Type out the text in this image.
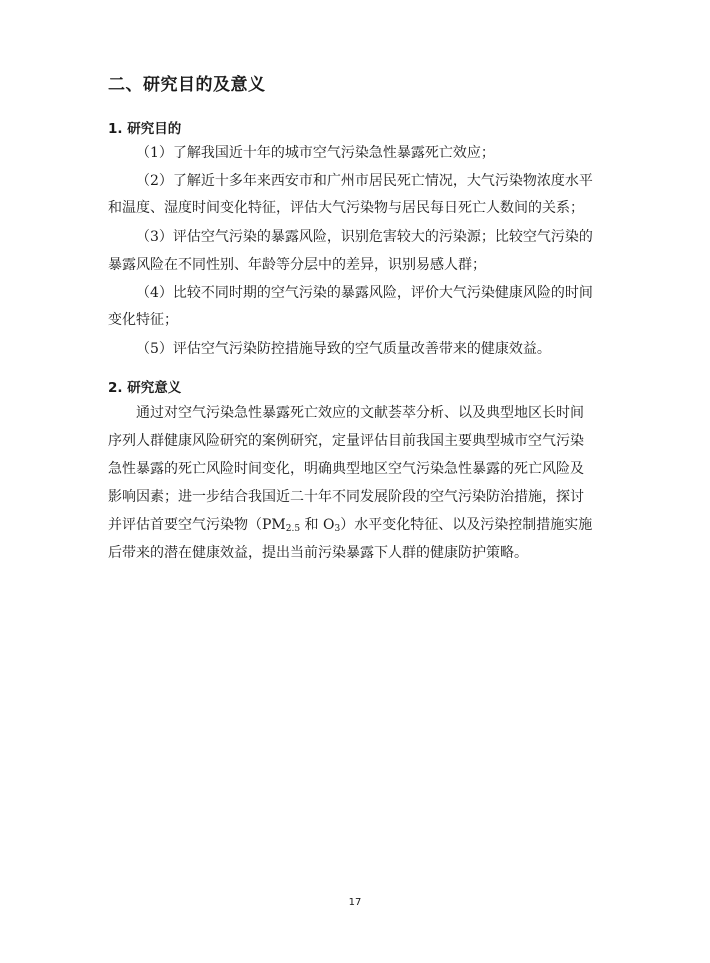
二、研究目的及意义
1. 研究目的
（1）了解我国近十年的城市空气污染急性暴露死亡效应；
（2）了解近十多年来西安市和广州市居民死亡情况，大气污染物浓度水平
和温度、湿度时间变化特征，评估大气污染物与居民每日死亡人数间的关系；
（3）评估空气污染的暴露风险，识别危害较大的污染源；比较空气污染的
暴露风险在不同性别、年龄等分层中的差异，识别易感人群；
（4）比较不同时期的空气污染的暴露风险，评价大气污染健康风险的时间
变化特征；
（5）评估空气污染防控措施导致的空气质量改善带来的健康效益。
2. 研究意义
通过对空气污染急性暴露死亡效应的文献荟萃分析、以及典型地区长时间
序列人群健康风险研究的案例研究，定量评估目前我国主要典型城市空气污染
急性暴露的死亡风险时间变化，明确典型地区空气污染急性暴露的死亡风险及
影响因素；进一步结合我国近二十年不同发展阶段的空气污染防治措施，探讨
并评估首要空气污染物（$PM_{2.5}$ 和 $O_3$）水平变化特征、以及污染控制措施实施
后带来的潜在健康效益，提出当前污染暴露下人群的健康防护策略。
17
